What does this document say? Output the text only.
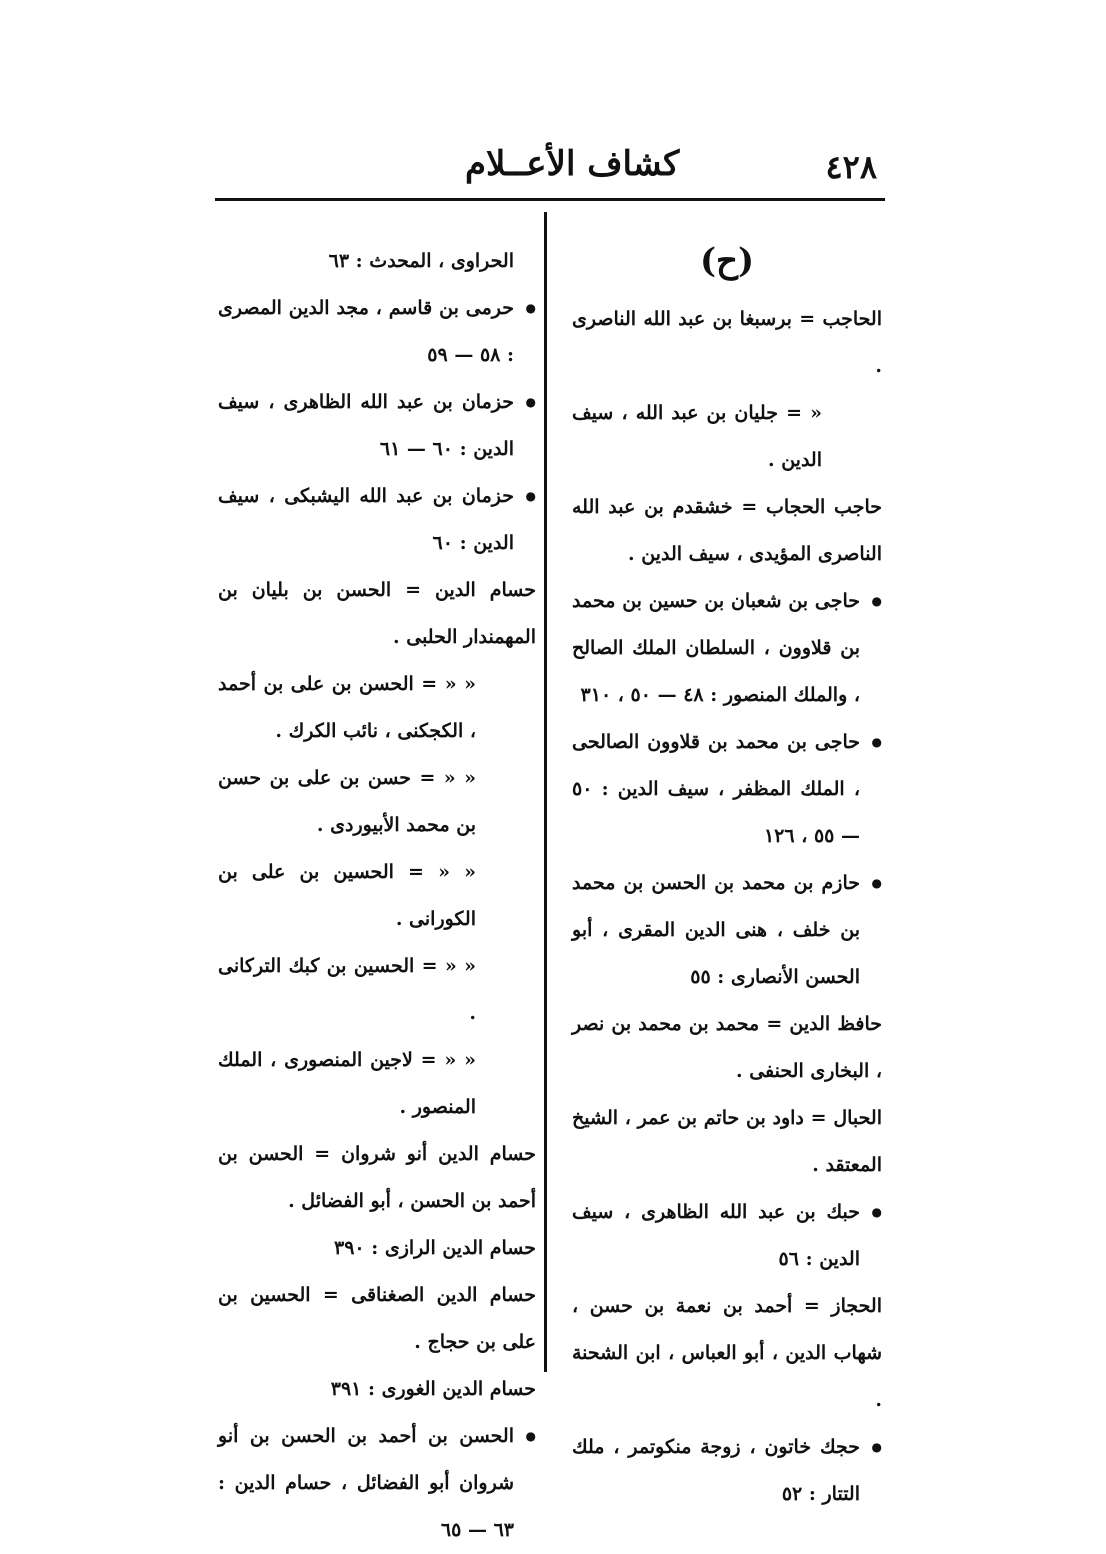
٤٢٨
كشاف الأعــلام
(ح)
الحاجب = برسبغا بن عبد الله الناصرى .
« = جليان بن عبد الله ، سيف الدين .
حاجب الحجاب = خشقدم بن عبد الله الناصرى المؤيدى ، سيف الدين .
● حاجى بن شعبان بن حسين بن محمد بن قلاوون ، السلطان الملك الصالح ، والملك المنصور : ٤٨ — ٥٠ ، ٣١٠
● حاجى بن محمد بن قلاوون الصالحى ، الملك المظفر ، سيف الدين : ٥٠ — ٥٥ ، ١٢٦
● حازم بن محمد بن الحسن بن محمد بن خلف ، هنى الدين المقرى ، أبو الحسن الأنصارى : ٥٥
حافظ الدين = محمد بن محمد بن نصر ، البخارى الحنفى .
الحبال = داود بن حاتم بن عمر ، الشيخ المعتقد .
● حبك بن عبد الله الظاهرى ، سيف الدين : ٥٦
الحجاز = أحمد بن نعمة بن حسن ، شهاب الدين ، أبو العباس ، ابن الشحنة .
● حجك خاتون ، زوجة منكوتمر ، ملك التتار : ٥٢
الحراوى ، المحدث : ٦٣
● حرمى بن قاسم ، مجد الدين المصرى : ٥٨ — ٥٩
● حزمان بن عبد الله الظاهرى ، سيف الدين : ٦٠ — ٦١
● حزمان بن عبد الله اليشبكى ، سيف الدين : ٦٠
حسام الدين = الحسن بن بليان بن المهمندار الحلبى .
« « = الحسن بن على بن أحمد ، الكجكنى ، نائب الكرك .
« « = حسن بن على بن حسن بن محمد الأبيوردى .
« « = الحسين بن على بن الكورانى .
« « = الحسين بن كبك التركانى .
« « = لاجين المنصورى ، الملك المنصور .
حسام الدين أنو شروان = الحسن بن أحمد بن الحسن ، أبو الفضائل .
حسام الدين الرازى : ٣٩٠
حسام الدين الصغناقى = الحسين بن على بن حجاج .
حسام الدين الغورى : ٣٩١
● الحسن بن أحمد بن الحسن بن أنو شروان أبو الفضائل ، حسام الدين : ٦٣ — ٦٥
